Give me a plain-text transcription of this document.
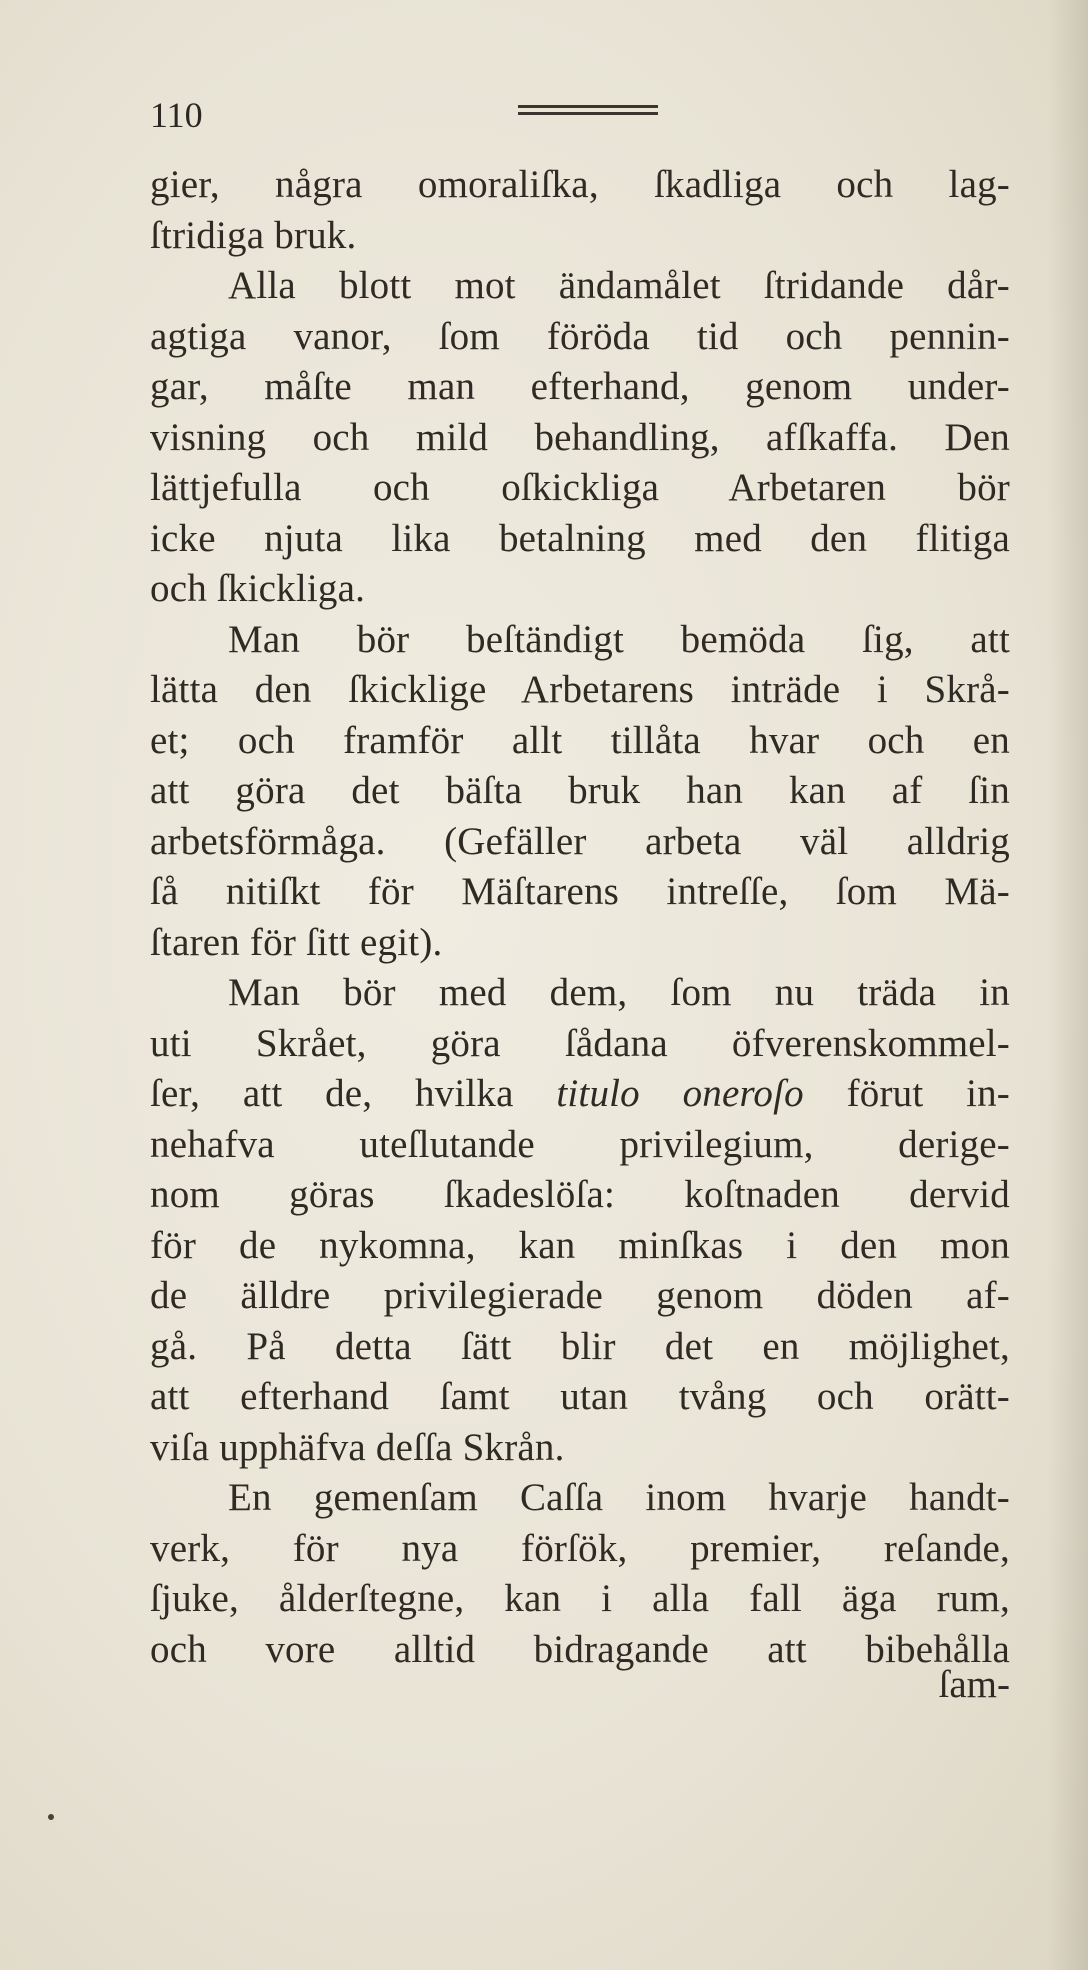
110
gier, några omoraliſka, ſkadliga och lag-
ſtridiga bruk.
Alla blott mot ändamålet ſtridande dår-
agtiga vanor, ſom föröda tid och pennin-
gar, måſte man efterhand, genom under-
visning och mild behandling, afſkaffa. Den
lättjefulla och oſkickliga Arbetaren bör
icke njuta lika betalning med den flitiga
och ſkickliga.
Man bör beſtändigt bemöda ſig, att
lätta den ſkicklige Arbetarens inträde i Skrå-
et; och framför allt tillåta hvar och en
att göra det bäſta bruk han kan af ſin
arbetsförmåga. (Gefäller arbeta väl alldrig
ſå nitiſkt för Mäſtarens intreſſe, ſom Mä-
ſtaren för ſitt egit).
Man bör med dem, ſom nu träda in
uti Skrået, göra ſådana öfverenskommel-
ſer, att de, hvilka titulo oneroſo förut in-
nehafva uteſlutande privilegium, derige-
nom göras ſkadeslöſa: koſtnaden dervid
för de nykomna, kan minſkas i den mon
de älldre privilegierade genom döden af-
gå. På detta ſätt blir det en möjlighet,
att efterhand ſamt utan tvång och orätt-
viſa upphäfva deſſa Skrån.
En gemenſam Caſſa inom hvarje handt-
verk, för nya förſök, premier, reſande,
ſjuke, ålderſtegne, kan i alla fall äga rum,
och vore alltid bidragande att bibehålla
ſam-
